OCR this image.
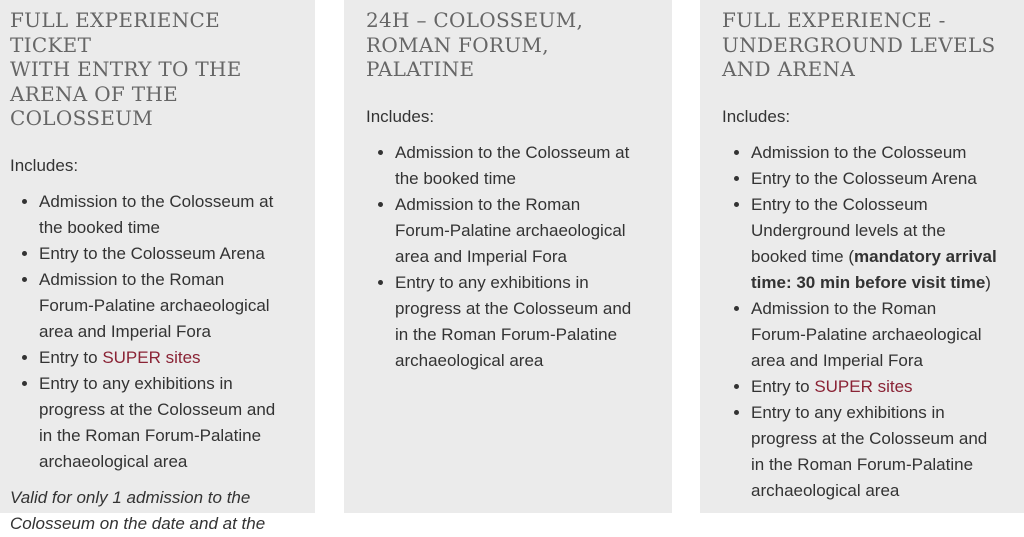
FULL EXPERIENCE TICKET
WITH ENTRY TO THE
ARENA OF THE
COLOSSEUM

Includes:

• Admission to the Colosseum at
the booked time
• Entry to the Colosseum Arena
• Admission to the Roman
Forum-Palatine archaeological
area and Imperial Fora
• Entry to SUPER sites
• Entry to any exhibitions in
progress at the Colosseum and
in the Roman Forum-Palatine
archaeological area

Valid for only 1 admission to the
Colosseum on the date and at the

24H – COLOSSEUM,
ROMAN FORUM,
PALATINE

Includes:

• Admission to the Colosseum at
the booked time
• Admission to the Roman
Forum-Palatine archaeological
area and Imperial Fora
• Entry to any exhibitions in
progress at the Colosseum and
in the Roman Forum-Palatine
archaeological area
FULL EXPERIENCE -
UNDERGROUND LEVELS
AND ARENA

Includes:

• Admission to the Colosseum
• Entry to the Colosseum Arena
• Entry to the Colosseum
Underground levels at the
booked time (mandatory arrival
time: 30 min before visit time)
• Admission to the Roman
Forum-Palatine archaeological
area and Imperial Fora
• Entry to SUPER sites
• Entry to any exhibitions in
progress at the Colosseum and
in the Roman Forum-Palatine
archaeological area
